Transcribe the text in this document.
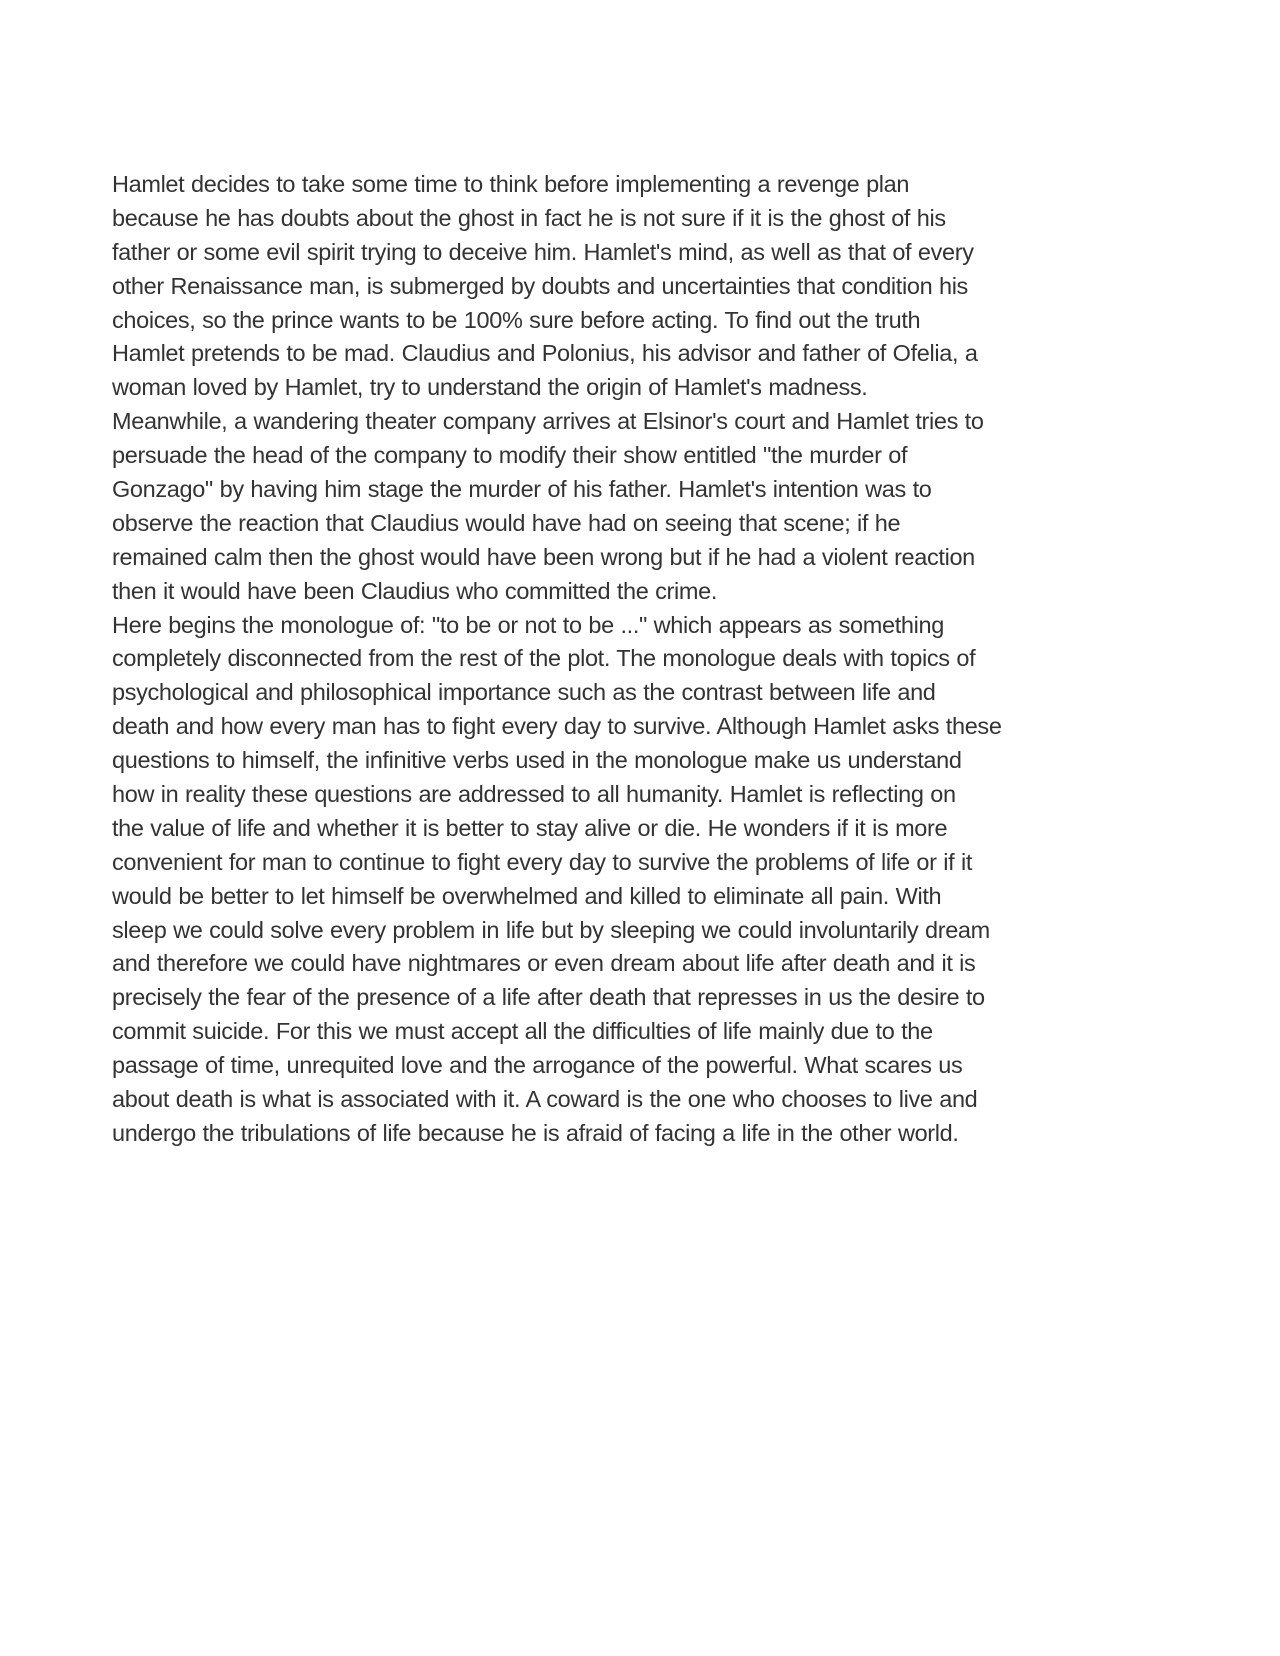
Hamlet decides to take some time to think before implementing a revenge plan
because he has doubts about the ghost in fact he is not sure if it is the ghost of his
father or some evil spirit trying to deceive him. Hamlet's mind, as well as that of every
other Renaissance man, is submerged by doubts and uncertainties that condition his
choices, so the prince wants to be 100% sure before acting. To find out the truth
Hamlet pretends to be mad. Claudius and Polonius, his advisor and father of Ofelia, a
woman loved by Hamlet, try to understand the origin of Hamlet's madness.
Meanwhile, a wandering theater company arrives at Elsinor's court and Hamlet tries to
persuade the head of the company to modify their show entitled "the murder of
Gonzago" by having him stage the murder of his father. Hamlet's intention was to
observe the reaction that Claudius would have had on seeing that scene; if he
remained calm then the ghost would have been wrong but if he had a violent reaction
then it would have been Claudius who committed the crime.
Here begins the monologue of: "to be or not to be ..." which appears as something
completely disconnected from the rest of the plot. The monologue deals with topics of
psychological and philosophical importance such as the contrast between life and
death and how every man has to fight every day to survive. Although Hamlet asks these
questions to himself, the infinitive verbs used in the monologue make us understand
how in reality these questions are addressed to all humanity. Hamlet is reflecting on
the value of life and whether it is better to stay alive or die. He wonders if it is more
convenient for man to continue to fight every day to survive the problems of life or if it
would be better to let himself be overwhelmed and killed to eliminate all pain. With
sleep we could solve every problem in life but by sleeping we could involuntarily dream
and therefore we could have nightmares or even dream about life after death and it is
precisely the fear of the presence of a life after death that represses in us the desire to
commit suicide. For this we must accept all the difficulties of life mainly due to the
passage of time, unrequited love and the arrogance of the powerful. What scares us
about death is what is associated with it. A coward is the one who chooses to live and
undergo the tribulations of life because he is afraid of facing a life in the other world.
